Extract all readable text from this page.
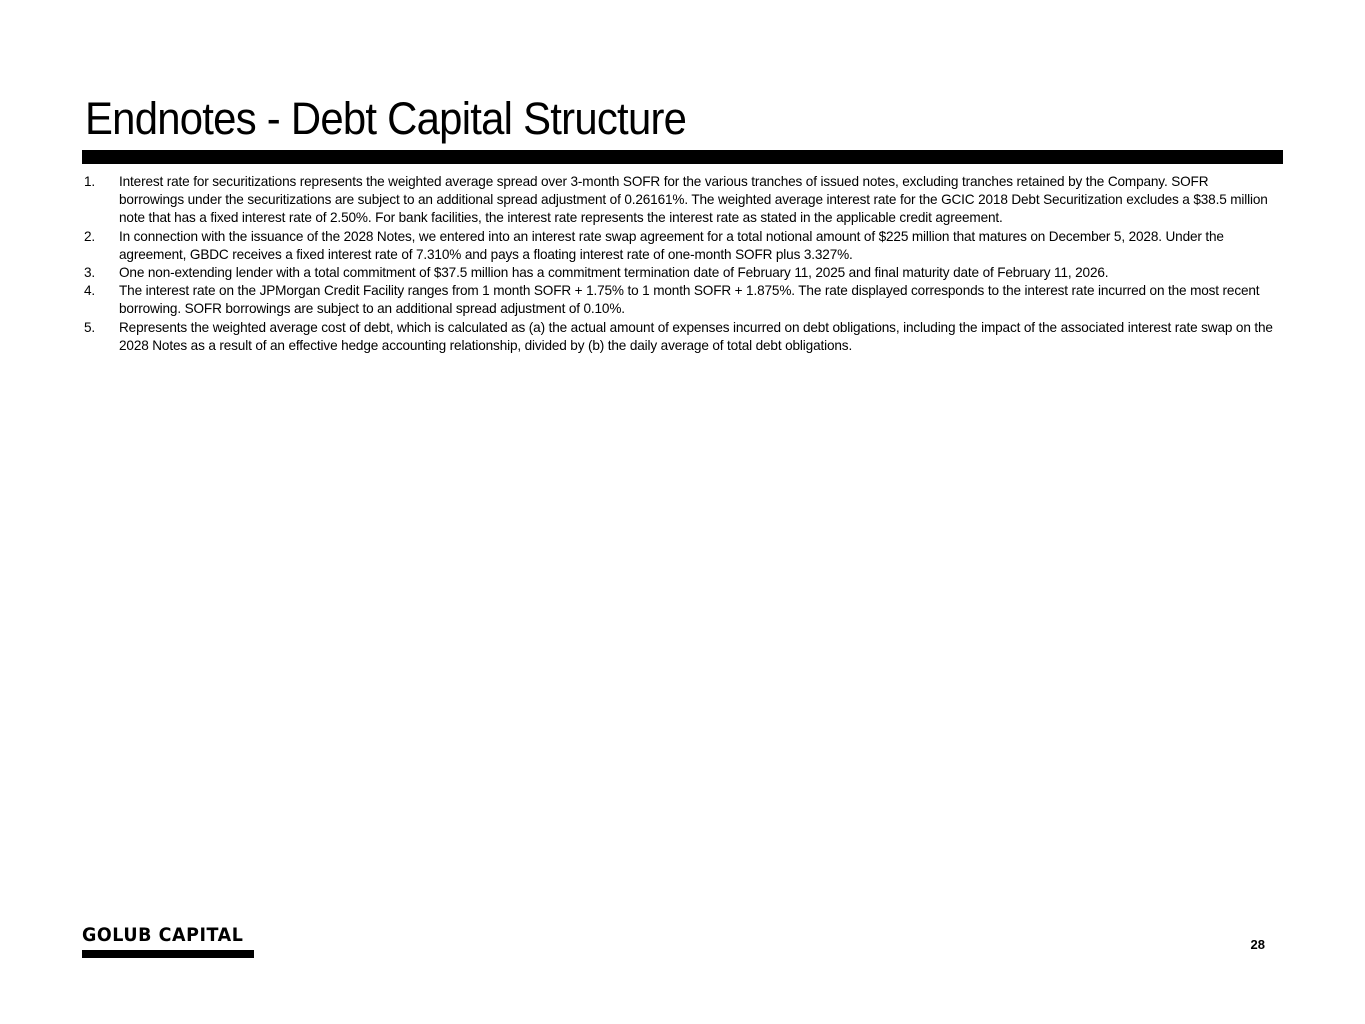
Endnotes - Debt Capital Structure
1. Interest rate for securitizations represents the weighted average spread over 3-month SOFR for the various tranches of issued notes, excluding tranches retained by the Company. SOFR borrowings under the securitizations are subject to an additional spread adjustment of 0.26161%. The weighted average interest rate for the GCIC 2018 Debt Securitization excludes a $38.5 million note that has a fixed interest rate of 2.50%. For bank facilities, the interest rate represents the interest rate as stated in the applicable credit agreement.
2. In connection with the issuance of the 2028 Notes, we entered into an interest rate swap agreement for a total notional amount of $225 million that matures on December 5, 2028. Under the agreement, GBDC receives a fixed interest rate of 7.310% and pays a floating interest rate of one-month SOFR plus 3.327%.
3. One non-extending lender with a total commitment of $37.5 million has a commitment termination date of February 11, 2025 and final maturity date of February 11, 2026.
4. The interest rate on the JPMorgan Credit Facility ranges from 1 month SOFR + 1.75% to 1 month SOFR + 1.875%. The rate displayed corresponds to the interest rate incurred on the most recent borrowing. SOFR borrowings are subject to an additional spread adjustment of 0.10%.
5. Represents the weighted average cost of debt, which is calculated as (a) the actual amount of expenses incurred on debt obligations, including the impact of the associated interest rate swap on the 2028 Notes as a result of an effective hedge accounting relationship, divided by (b) the daily average of total debt obligations.
GOLUB CAPITAL	28
